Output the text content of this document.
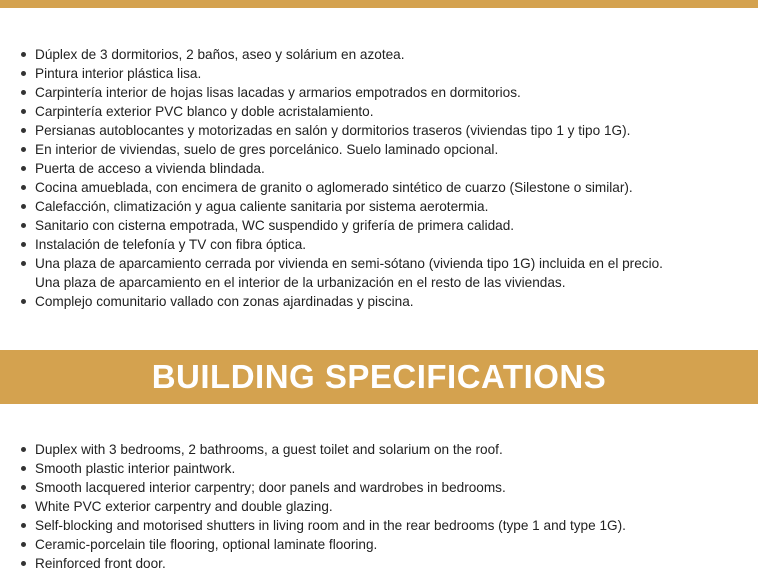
Dúplex de 3 dormitorios, 2 baños, aseo y solárium en azotea.
Pintura interior plástica lisa.
Carpintería interior de hojas lisas lacadas y armarios empotrados en dormitorios.
Carpintería exterior PVC blanco y doble acristalamiento.
Persianas autoblocantes y motorizadas en salón y dormitorios traseros (viviendas tipo 1 y tipo 1G).
En interior de viviendas, suelo de gres porcelánico. Suelo laminado opcional.
Puerta de acceso a vivienda blindada.
Cocina amueblada, con encimera de granito o aglomerado sintético de cuarzo (Silestone o similar).
Calefacción, climatización y agua caliente sanitaria por sistema aerotermia.
Sanitario con cisterna empotrada, WC suspendido y grifería de primera calidad.
Instalación de telefonía y TV con fibra óptica.
Una plaza de aparcamiento cerrada por vivienda en semi-sótano (vivienda tipo 1G) incluida en el precio.
Una plaza de aparcamiento en el interior de la urbanización en el resto de las viviendas.
Complejo comunitario vallado con zonas ajardinadas y piscina.
BUILDING SPECIFICATIONS
Duplex with 3 bedrooms, 2 bathrooms, a guest toilet and solarium on the roof.
Smooth plastic interior paintwork.
Smooth lacquered interior carpentry; door panels and wardrobes in bedrooms.
White PVC exterior carpentry and double glazing.
Self-blocking and motorised shutters in living room and in the rear bedrooms (type 1 and type 1G).
Ceramic-porcelain tile flooring, optional laminate flooring.
Reinforced front door.
